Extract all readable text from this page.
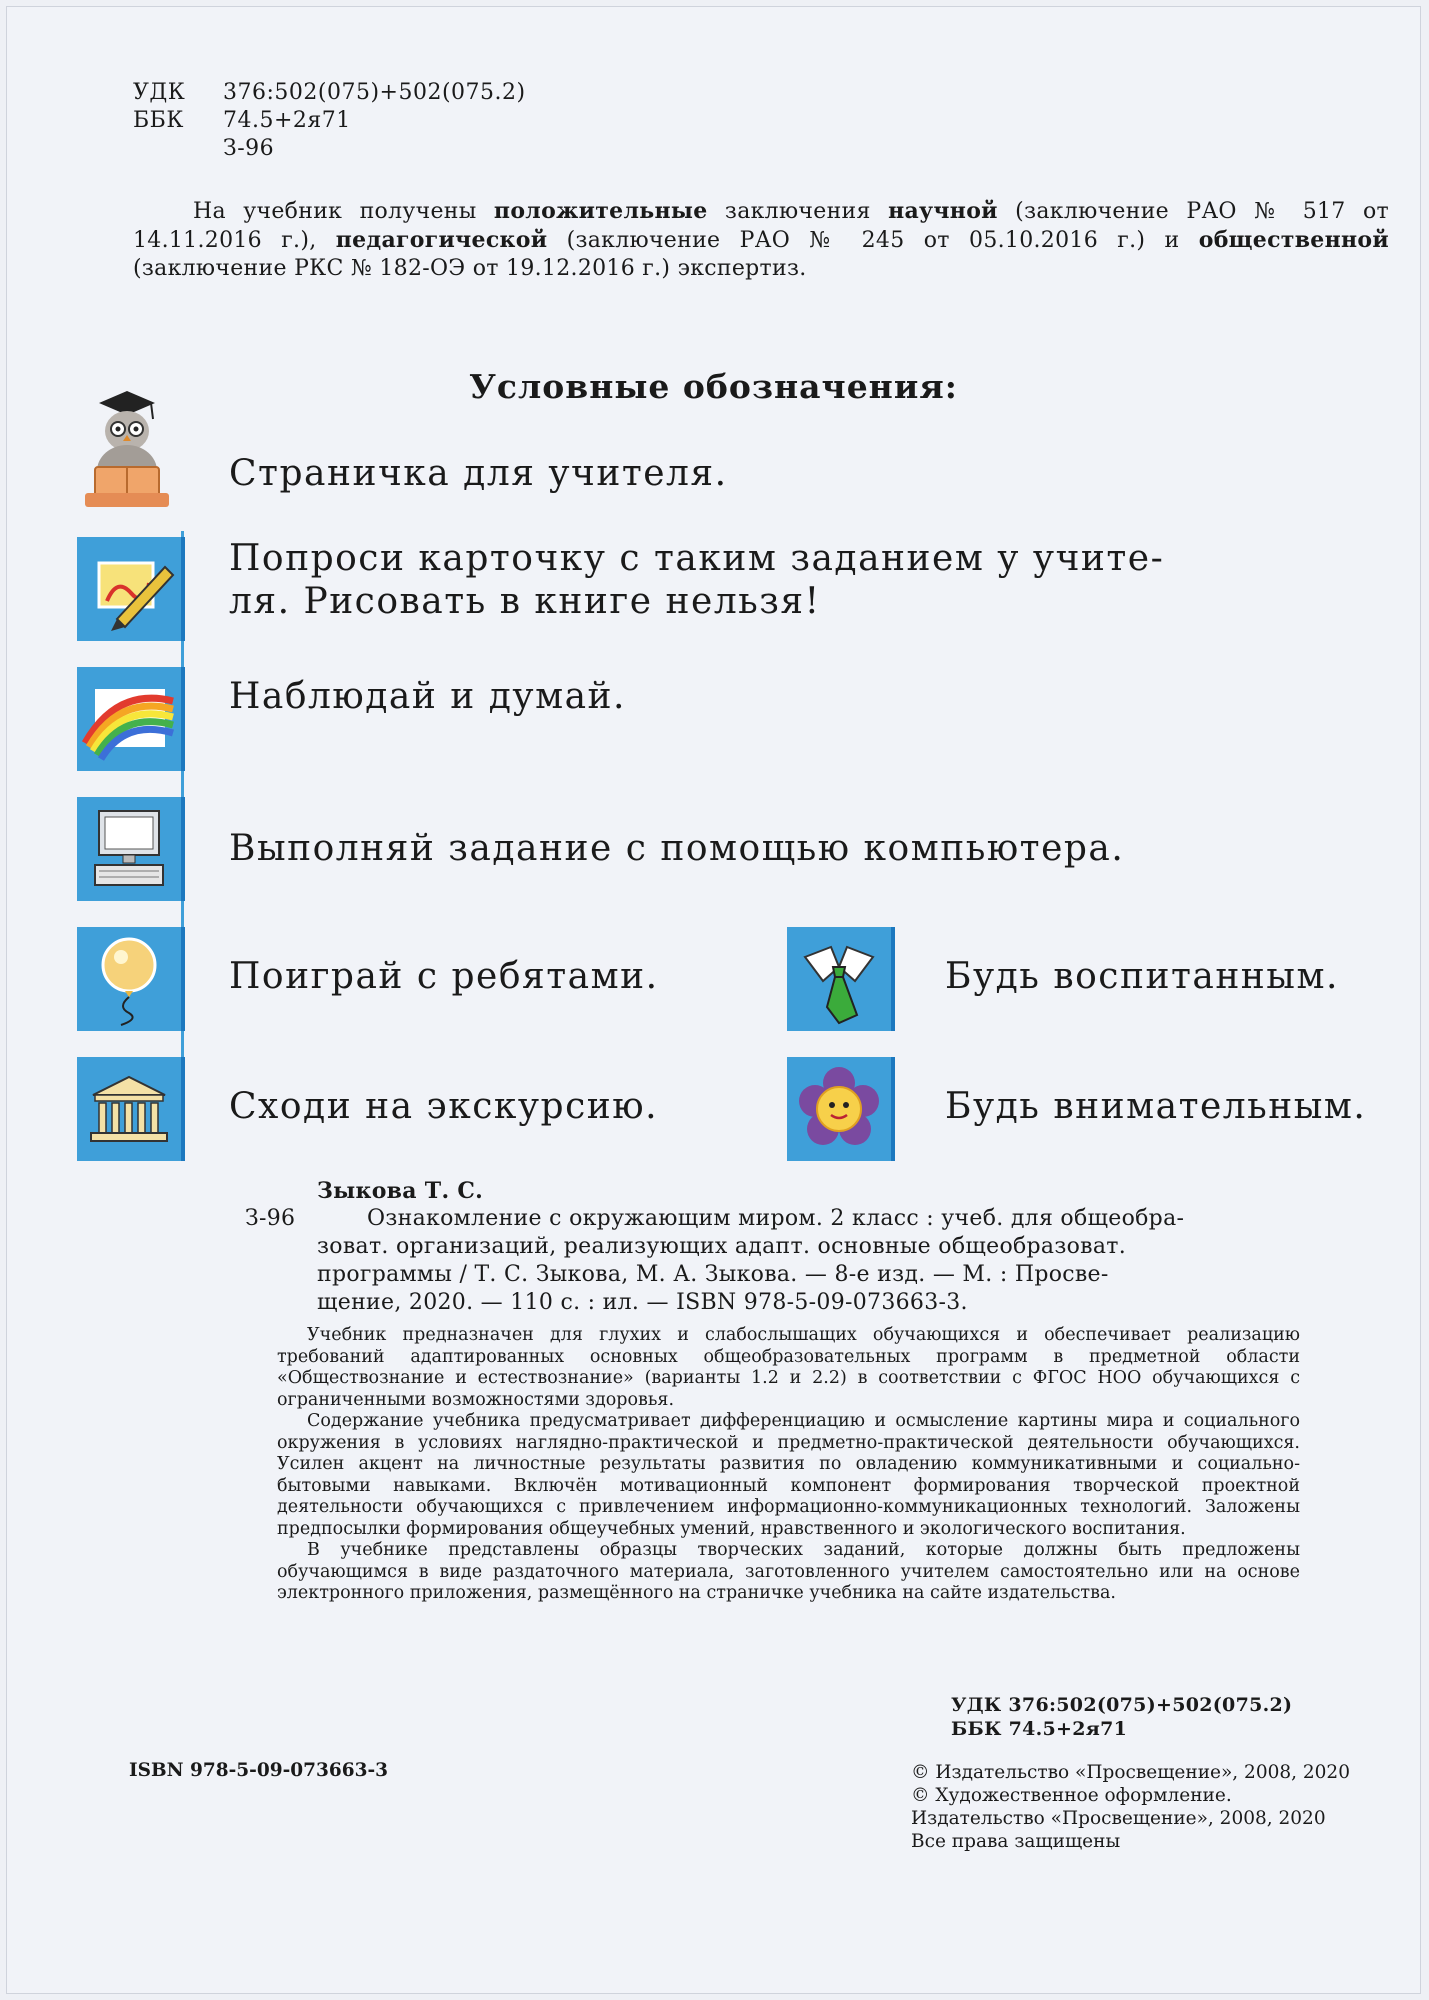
УДК 376:502(075)+502(075.2)
ББК 74.5+2я71
З-96
На учебник получены положительные заключения научной (заключение РАО № 517 от 14.11.2016 г.), педагогической (заключение РАО № 245 от 05.10.2016 г.) и общественной (заключение РКС № 182-ОЭ от 19.12.2016 г.) экспертиз.
Условные обозначения:
Страничка для учителя.
Попроси карточку с таким заданием у учите-
ля. Рисовать в книге нельзя!
Наблюдай и думай.
Выполняй задание с помощью компьютера.
Поиграй с ребятами.	Будь воспитанным.
Сходи на экскурсию.	Будь внимательным.
Зыкова Т. С.
З-96	Ознакомление с окружающим миром. 2 класс : учеб. для общеобра-
зоват. организаций, реализующих адапт. основные общеобразоват.
программы / Т. С. Зыкова, М. А. Зыкова. — 8-е изд. — М. : Просве-
щение, 2020. — 110 с. : ил. — ISBN 978-5-09-073663-3.

Учебник предназначен для глухих и слабослышащих обучающихся и обеспечивает реализацию требований адаптированных основных общеобразовательных программ в предметной области «Обществознание и естествознание» (варианты 1.2 и 2.2) в соответствии с ФГОС НОО обучающихся с ограниченными возможностями здоровья.

Содержание учебника предусматривает дифференциацию и осмысление картины мира и социального окружения в условиях наглядно-практической и предметно-практической деятельности обучающихся. Усилен акцент на личностные результаты развития по овладению коммуникативными и социально-бытовыми навыками. Включён мотивационный компонент формирования творческой проектной деятельности обучающихся с привлечением информационно-коммуникационных технологий. Заложены предпосылки формирования общеучебных умений, нравственного и экологического воспитания.

В учебнике представлены образцы творческих заданий, которые должны быть предложены обучающимся в виде раздаточного материала, заготовленного учителем самостоятельно или на основе электронного приложения, размещённого на страничке учебника на сайте издательства.

УДК 376:502(075)+502(075.2)
ББК 74.5+2я71
ISBN 978-5-09-073663-3	© Издательство «Просвещение», 2008, 2020
© Художественное оформление.
Издательство «Просвещение», 2008, 2020
Все права защищены
